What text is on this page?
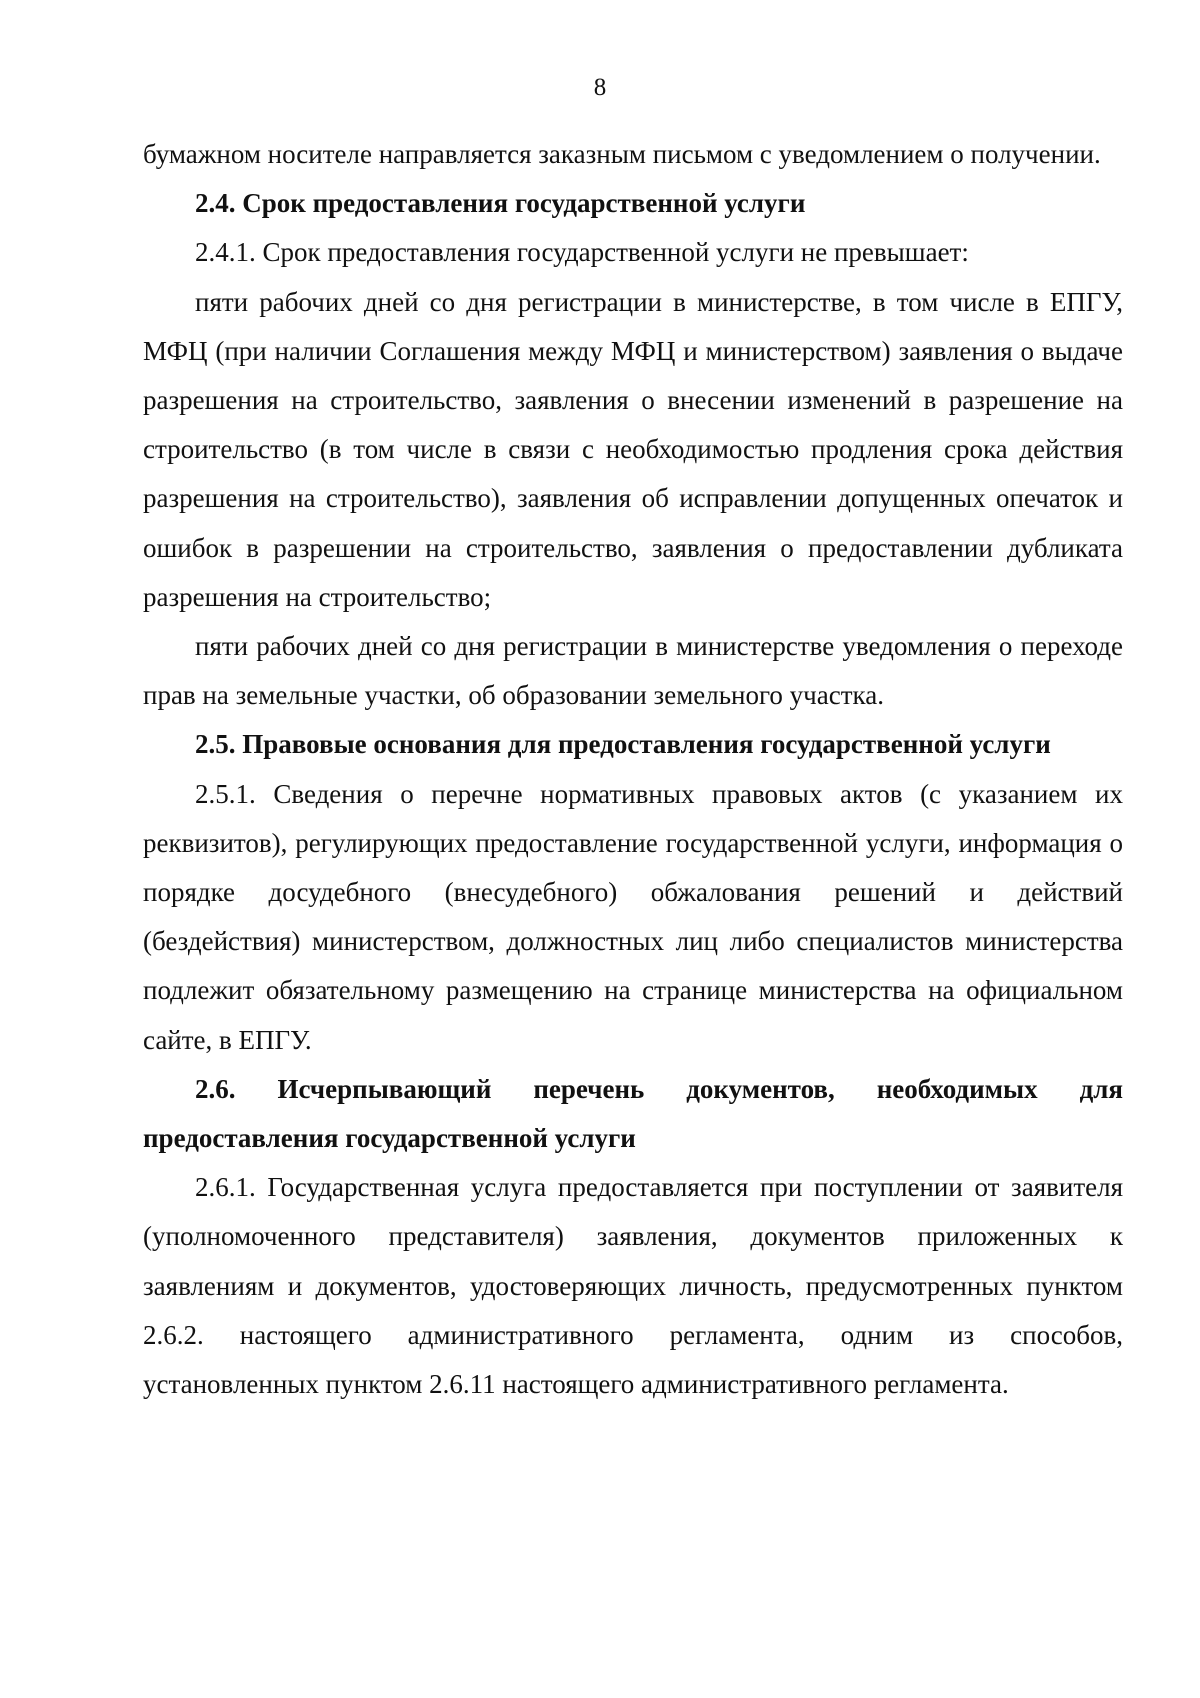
8

бумажном носителе направляется заказным письмом с уведомлением о получении.

2.4. Срок предоставления государственной услуги

2.4.1. Срок предоставления государственной услуги не превышает:

пяти рабочих дней со дня регистрации в министерстве, в том числе в ЕПГУ, МФЦ (при наличии Соглашения между МФЦ и министерством) заявления о выдаче разрешения на строительство, заявления о внесении изменений в разрешение на строительство (в том числе в связи с необходимостью продления срока действия разрешения на строительство), заявления об исправлении допущенных опечаток и ошибок в разрешении на строительство, заявления о предоставлении дубликата разрешения на строительство;

пяти рабочих дней со дня регистрации в министерстве уведомления о переходе прав на земельные участки, об образовании земельного участка.

2.5. Правовые основания для предоставления государственной услуги

2.5.1. Сведения о перечне нормативных правовых актов (с указанием их реквизитов), регулирующих предоставление государственной услуги, информация о порядке досудебного (внесудебного) обжалования решений и действий (бездействия) министерством, должностных лиц либо специалистов министерства подлежит обязательному размещению на странице министерства на официальном сайте, в ЕПГУ.

2.6. Исчерпывающий перечень документов, необходимых для предоставления государственной услуги

2.6.1. Государственная услуга предоставляется при поступлении от заявителя (уполномоченного представителя) заявления, документов приложенных к заявлениям и документов, удостоверяющих личность, предусмотренных пунктом 2.6.2. настоящего административного регламента, одним из способов, установленных пунктом 2.6.11 настоящего административного регламента.
